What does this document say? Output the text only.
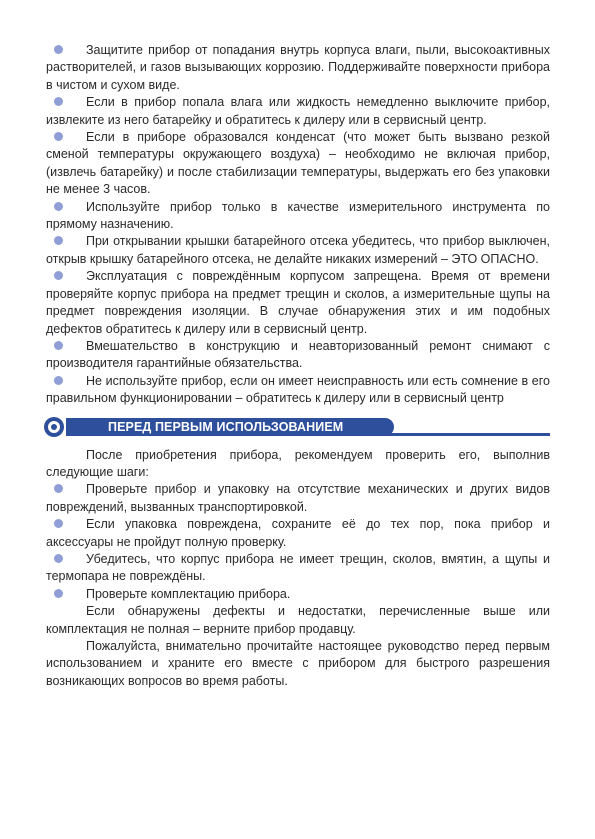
Защитите прибор от попадания внутрь корпуса влаги, пыли, высокоактивных растворителей, и газов вызывающих коррозию. Поддерживайте поверхности прибора в чистом и сухом виде.

Если в прибор попала влага или жидкость немедленно выключите прибор, извлеките из него батарейку и обратитесь к дилеру или в сервисный центр.

Если в приборе образовался конденсат (что может быть вызвано резкой сменой температуры окружающего воздуха) – необходимо не включая прибор, (извлечь батарейку) и после стабилизации температуры, выдержать его без упаковки не менее 3 часов.

Используйте прибор только в качестве измерительного инструмента по прямому назначению.

При открывании крышки батарейного отсека убедитесь, что прибор выключен, открыв крышку батарейного отсека, не делайте никаких измерений – ЭТО ОПАСНО.

Эксплуатация с повреждённым корпусом запрещена. Время от времени проверяйте корпус прибора на предмет трещин и сколов, а измерительные щупы на предмет повреждения изоляции. В случае обнаружения этих и им подобных дефектов обратитесь к дилеру или в сервисный центр.

Вмешательство в конструкцию и неавторизованный ремонт снимают с производителя гарантийные обязательства.

Не используйте прибор, если он имеет неисправность или есть сомнение в его правильном функционировании – обратитесь к дилеру или в сервисный центр

ПЕРЕД ПЕРВЫМ ИСПОЛЬЗОВАНИЕМ

После приобретения прибора, рекомендуем проверить его, выполнив следующие шаги:

Проверьте прибор и упаковку на отсутствие механических и других видов повреждений, вызванных транспортировкой.

Если упаковка повреждена, сохраните её до тех пор, пока прибор и аксессуары не пройдут полную проверку.

Убедитесь, что корпус прибора не имеет трещин, сколов, вмятин, а щупы и термопара не повреждёны.

Проверьте комплектацию прибора.

Если обнаружены дефекты и недостатки, перечисленные выше или комплектация не полная – верните прибор продавцу.

Пожалуйста, внимательно прочитайте настоящее руководство перед первым использованием и храните его вместе с прибором для быстрого разрешения возникающих вопросов во время работы.
